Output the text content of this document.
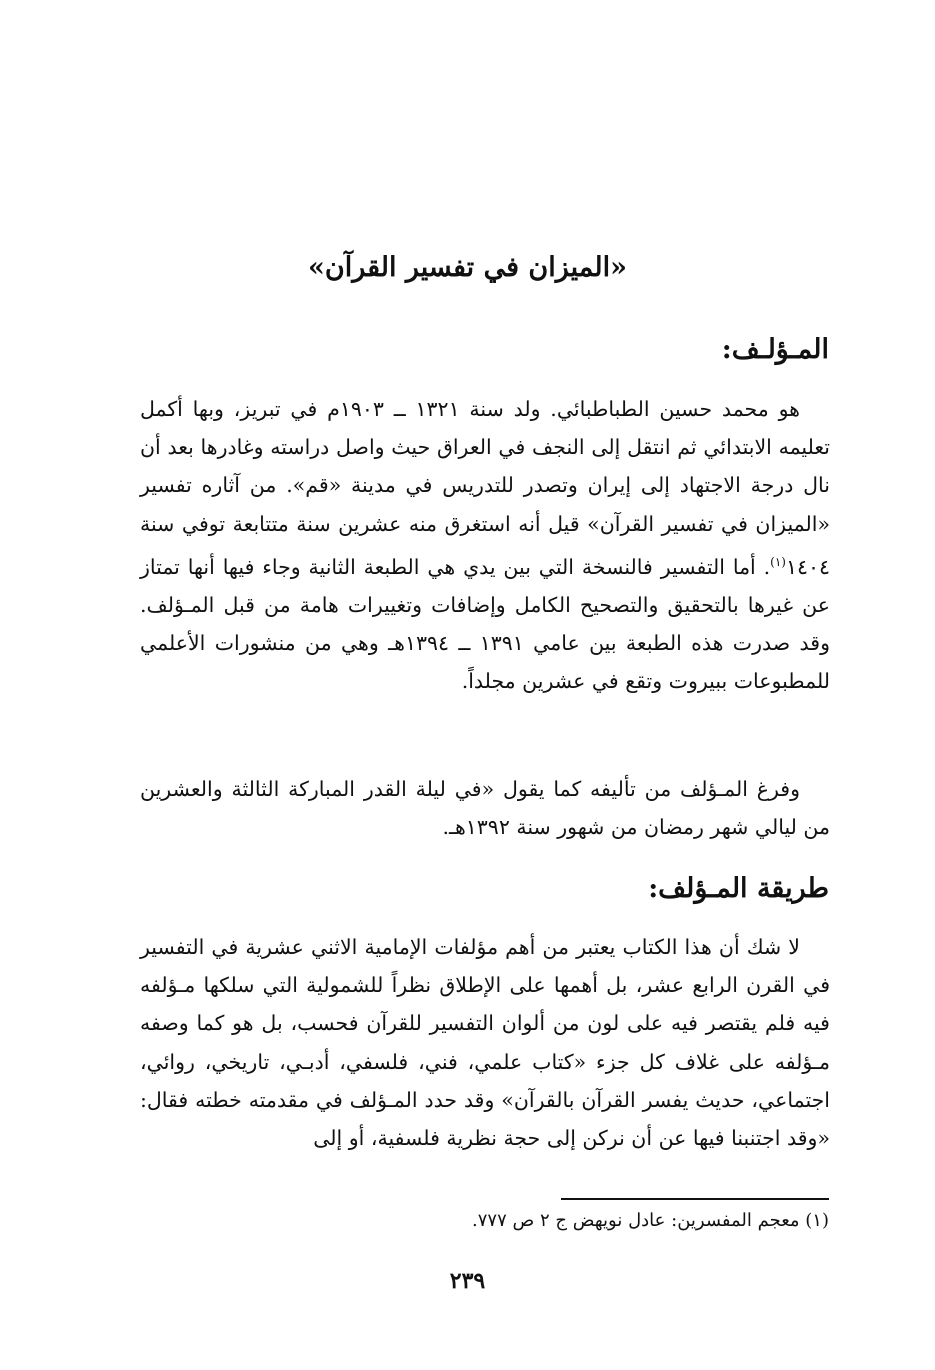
«الميزان في تفسير القرآن»
المـؤلـف:
هو محمد حسين الطباطبائي. ولد سنة ١٣٢١ ــ ١٩٠٣م في تبريز، وبها أكمل تعليمه الابتدائي ثم انتقل إلى النجف في العراق حيث واصل دراسته وغادرها بعد أن نال درجة الاجتهاد إلى إيران وتصدر للتدريس في مدينة «قم». من آثاره تفسير «الميزان في تفسير القرآن» قيل أنه استغرق منه عشرين سنة متتابعة توفي سنة ١٤٠٤$^{(١)}$. أما التفسير فالنسخة التي بين يدي هي الطبعة الثانية وجاء فيها أنها تمتاز عن غيرها بالتحقيق والتصحيح الكامل وإضافات وتغييرات هامة من قبل المـؤلف. وقد صدرت هذه الطبعة بين عامي ١٣٩١ ــ ١٣٩٤هـ وهي من منشورات الأعلمي للمطبوعات ببيروت وتقع في عشرين مجلداً.
وفرغ المـؤلف من تأليفه كما يقول «في ليلة القدر المباركة الثالثة والعشرين من ليالي شهر رمضان من شهور سنة ١٣٩٢هـ.
طريقة المـؤلف:
لا شك أن هذا الكتاب يعتبر من أهم مؤلفات الإمامية الاثني عشرية في التفسير في القرن الرابع عشر، بل أهمها على الإطلاق نظراً للشمولية التي سلكها مـؤلفه فيه فلم يقتصر فيه على لون من ألوان التفسير للقرآن فحسب، بل هو كما وصفه مـؤلفه على غلاف كل جزء «كتاب علمي، فني، فلسفي، أدبـي، تاريخي، روائي، اجتماعي، حديث يفسر القرآن بالقرآن» وقد حدد المـؤلف في مقدمته خطته فقال: «وقد اجتنبنا فيها عن أن نركن إلى حجة نظرية فلسفية، أو إلى
(١) معجم المفسرين: عادل نويهض ج ٢ ص ٧٧٧.
٢٣٩
